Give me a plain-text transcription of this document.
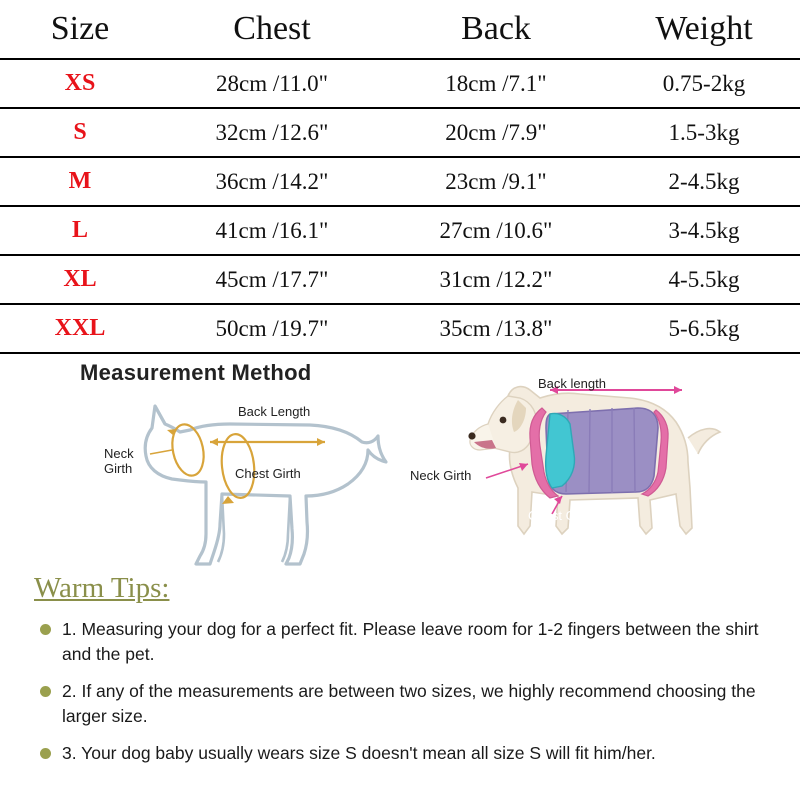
Size	Chest	Back	Weight
XS	28cm /11.0"	18cm /7.1"	0.75-2kg
S	32cm /12.6"	20cm /7.9"	1.5-3kg
M	36cm /14.2"	23cm /9.1"	2-4.5kg
L	41cm /16.1"	27cm /10.6"	3-4.5kg
XL	45cm /17.7"	31cm /12.2"	4-5.5kg
XXL	50cm /19.7"	35cm /13.8"	5-6.5kg
Measurement Method
Back Length
Neck
Girth	Chest Girth
Back length
Neck Girth
Chest Girth
Warm Tips:
1. Measuring your dog for a perfect fit. Please leave room for 1-2 fingers between the shirt and the pet.
2. If any of the measurements are between two sizes, we highly recommend choosing the larger size.
3. Your dog baby usually wears size S doesn't mean all size S will fit him/her.
